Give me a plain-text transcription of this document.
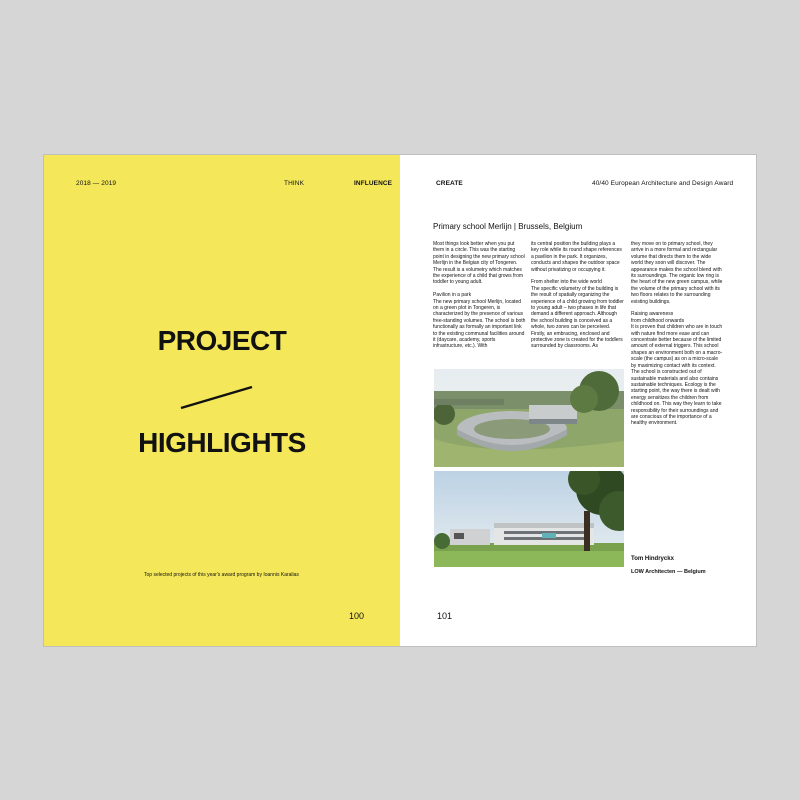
2018 — 2019	THINK	INFLUENCE
PROJECT
HIGHLIGHTS
Top selected projects of this year's award program by Ioannis Karalias
100
CREATE	40/40 European Architecture and Design Award
Primary school Merlijn | Brussels, Belgium

Most things look better when you put them in a circle. This was the starting point in designing the new primary school Merlijn in the Belgian city of Tongeren. The result is a volumetry which matches the experience of a child that grows from toddler to young adult.

Pavilion in a park
The new primary school Merlijn, located on a green plot in Tongeren, is characterized by the presence of various free-standing volumes. The school is both functionally as formally an important link to the existing communal facilities around it (daycare, academy, sports infrastructure, etc.). With

its central position the building plays a key role while its round shape references a pavilion in the park. It organizes, conducts and shapes the outdoor space without privatizing or occupying it.

From shelter into the wide world
The specific volumetry of the building is the result of spatially organizing the experience of a child growing from toddler to young adult – two phases in life that demand a different approach. Although the school building is conceived as a whole, two zones can be perceived. Firstly, an embracing, enclosed and protective zone is created for the toddlers surrounded by classrooms. As

they move on to primary school, they arrive in a more formal and rectangular volume that directs them to the wide world they soon will discover. The appearance makes the school blend with its surroundings. The organic low ring is the heart of the new green campus, while the volume of the primary school with its two floors relates to the surrounding existing buildings.

Raising awareness
from childhood onwards
It is proven that children who are in touch with nature find more ease and can concentrate better because of the limited amount of external triggers. This school shapes an environment both on a macro-scale (the campus) as on a micro-scale by maximizing contact with its context. The school is constructed out of sustainable materials and also contains sustainable techniques. Ecology is the starting point, the way there is dealt with energy sensitizes the children from childhood on. This way they learn to take responsibility for their surroundings and are conscious of the importance of a healthy environment.

Tom Hindryckx
LOW Architecten — Belgium
101
